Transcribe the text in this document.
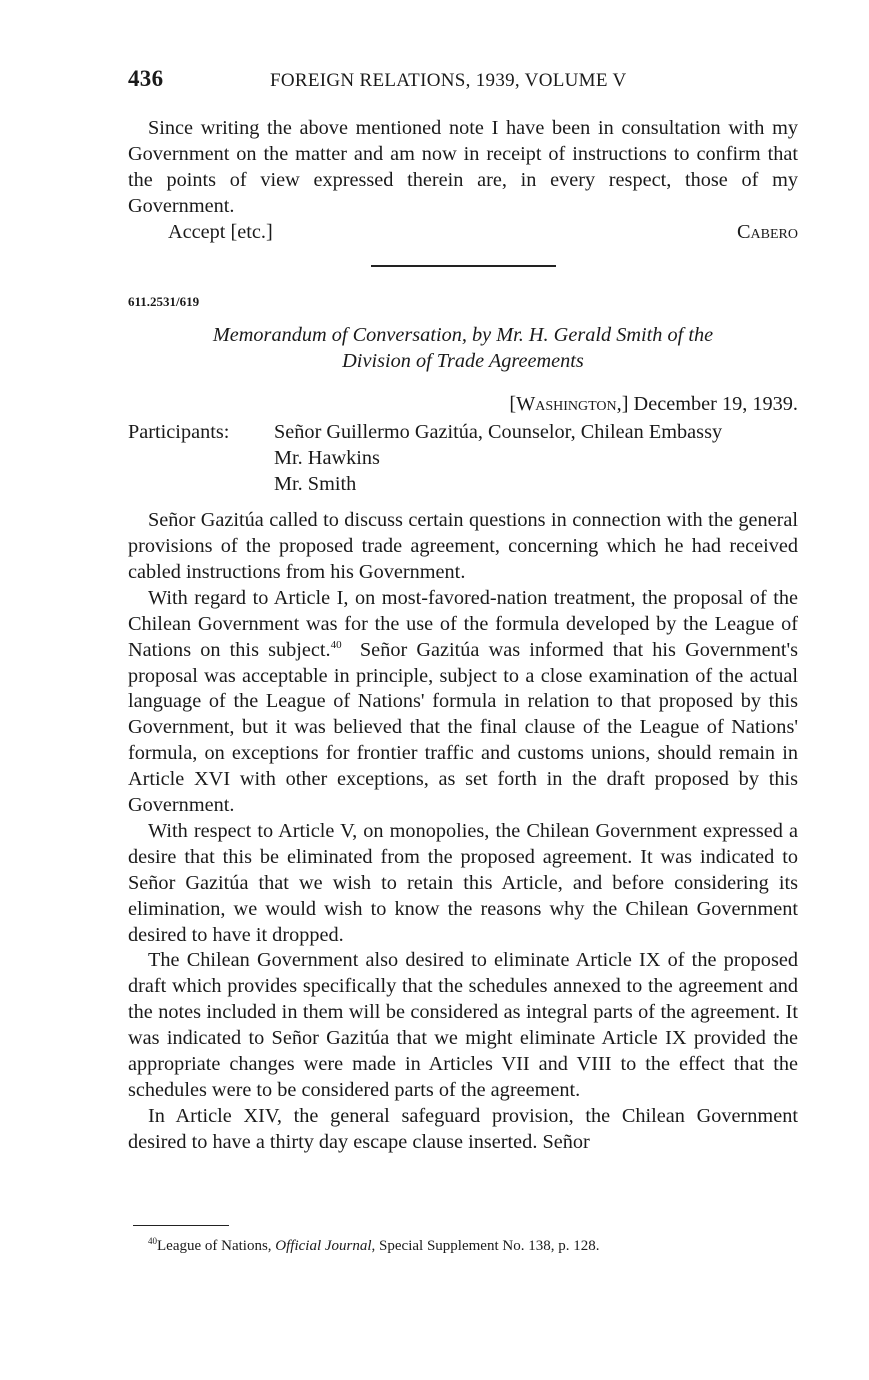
436	FOREIGN RELATIONS, 1939, VOLUME V

Since writing the above mentioned note I have been in consultation with my Government on the matter and am now in receipt of instructions to confirm that the points of view expressed therein are, in every respect, those of my Government.

Accept [etc.]	Cabero
611.2531/619
Memorandum of Conversation, by Mr. H. Gerald Smith of the
Division of Trade Agreements
[Washington,] December 19, 1939.
Participants:	Señor Guillermo Gazitúa, Counselor, Chilean Embassy
Mr. Hawkins
Mr. Smith

Señor Gazitúa called to discuss certain questions in connection with the general provisions of the proposed trade agreement, concerning which he had received cabled instructions from his Government.

With regard to Article I, on most-favored-nation treatment, the proposal of the Chilean Government was for the use of the formula developed by the League of Nations on this subject.$^{40}$ Señor Gazitúa was informed that his Government's proposal was acceptable in principle, subject to a close examination of the actual language of the League of Nations' formula in relation to that proposed by this Government, but it was believed that the final clause of the League of Nations' formula, on exceptions for frontier traffic and customs unions, should remain in Article XVI with other exceptions, as set forth in the draft proposed by this Government.

With respect to Article V, on monopolies, the Chilean Government expressed a desire that this be eliminated from the proposed agreement. It was indicated to Señor Gazitúa that we wish to retain this Article, and before considering its elimination, we would wish to know the reasons why the Chilean Government desired to have it dropped.

The Chilean Government also desired to eliminate Article IX of the proposed draft which provides specifically that the schedules annexed to the agreement and the notes included in them will be considered as integral parts of the agreement. It was indicated to Señor Gazitúa that we might eliminate Article IX provided the appropriate changes were made in Articles VII and VIII to the effect that the schedules were to be considered parts of the agreement.

In Article XIV, the general safeguard provision, the Chilean Government desired to have a thirty day escape clause inserted. Señor

$^{40}$League of Nations, Official Journal, Special Supplement No. 138, p. 128.
